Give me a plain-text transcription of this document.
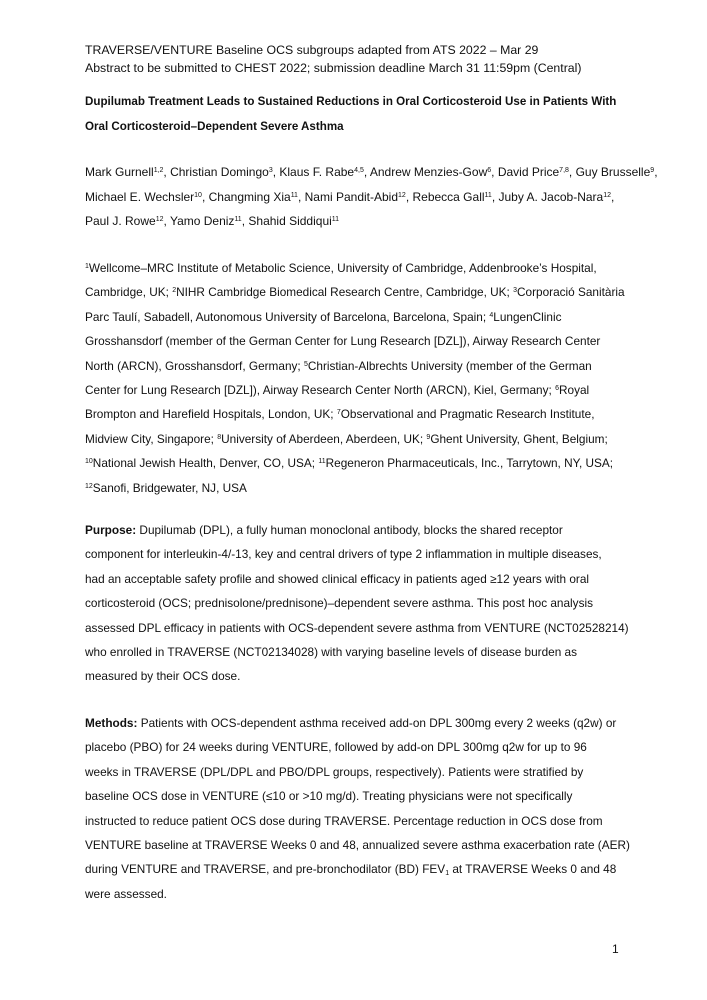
TRAVERSE/VENTURE Baseline OCS subgroups adapted from ATS 2022 – Mar 29
Abstract to be submitted to CHEST 2022; submission deadline March 31 11:59pm (Central)
Dupilumab Treatment Leads to Sustained Reductions in Oral Corticosteroid Use in Patients With
Oral Corticosteroid–Dependent Severe Asthma
Mark Gurnell$^{1,2}$, Christian Domingo$^3$, Klaus F. Rabe$^{4,5}$, Andrew Menzies-Gow$^6$, David Price$^{7,8}$, Guy Brusselle$^9$,
Michael E. Wechsler$^{10}$, Changming Xia$^{11}$, Nami Pandit-Abid$^{12}$, Rebecca Gall$^{11}$, Juby A. Jacob-Nara$^{12}$,
Paul J. Rowe$^{12}$, Yamo Deniz$^{11}$, Shahid Siddiqui$^{11}$
$^1$Wellcome–MRC Institute of Metabolic Science, University of Cambridge, Addenbrooke’s Hospital,
Cambridge, UK; $^2$NIHR Cambridge Biomedical Research Centre, Cambridge, UK; $^3$Corporació Sanitària
Parc Taulí, Sabadell, Autonomous University of Barcelona, Barcelona, Spain; $^4$LungenClinic
Grosshansdorf (member of the German Center for Lung Research [DZL]), Airway Research Center
North (ARCN), Grosshansdorf, Germany; $^5$Christian-Albrechts University (member of the German
Center for Lung Research [DZL]), Airway Research Center North (ARCN), Kiel, Germany; $^6$Royal
Brompton and Harefield Hospitals, London, UK; $^7$Observational and Pragmatic Research Institute,
Midview City, Singapore; $^8$University of Aberdeen, Aberdeen, UK; $^9$Ghent University, Ghent, Belgium;
$^{10}$National Jewish Health, Denver, CO, USA; $^{11}$Regeneron Pharmaceuticals, Inc., Tarrytown, NY, USA;
$^{12}$Sanofi, Bridgewater, NJ, USA
Purpose: Dupilumab (DPL), a fully human monoclonal antibody, blocks the shared receptor
component for interleukin-4/-13, key and central drivers of type 2 inflammation in multiple diseases,
had an acceptable safety profile and showed clinical efficacy in patients aged ≥12 years with oral
corticosteroid (OCS; prednisolone/prednisone)–dependent severe asthma. This post hoc analysis
assessed DPL efficacy in patients with OCS-dependent severe asthma from VENTURE (NCT02528214)
who enrolled in TRAVERSE (NCT02134028) with varying baseline levels of disease burden as
measured by their OCS dose.
Methods: Patients with OCS-dependent asthma received add-on DPL 300mg every 2 weeks (q2w) or
placebo (PBO) for 24 weeks during VENTURE, followed by add-on DPL 300mg q2w for up to 96
weeks in TRAVERSE (DPL/DPL and PBO/DPL groups, respectively). Patients were stratified by
baseline OCS dose in VENTURE (≤10 or >10 mg/d). Treating physicians were not specifically
instructed to reduce patient OCS dose during TRAVERSE. Percentage reduction in OCS dose from
VENTURE baseline at TRAVERSE Weeks 0 and 48, annualized severe asthma exacerbation rate (AER)
during VENTURE and TRAVERSE, and pre-bronchodilator (BD) $FEV_1$ at TRAVERSE Weeks 0 and 48
were assessed.
1
